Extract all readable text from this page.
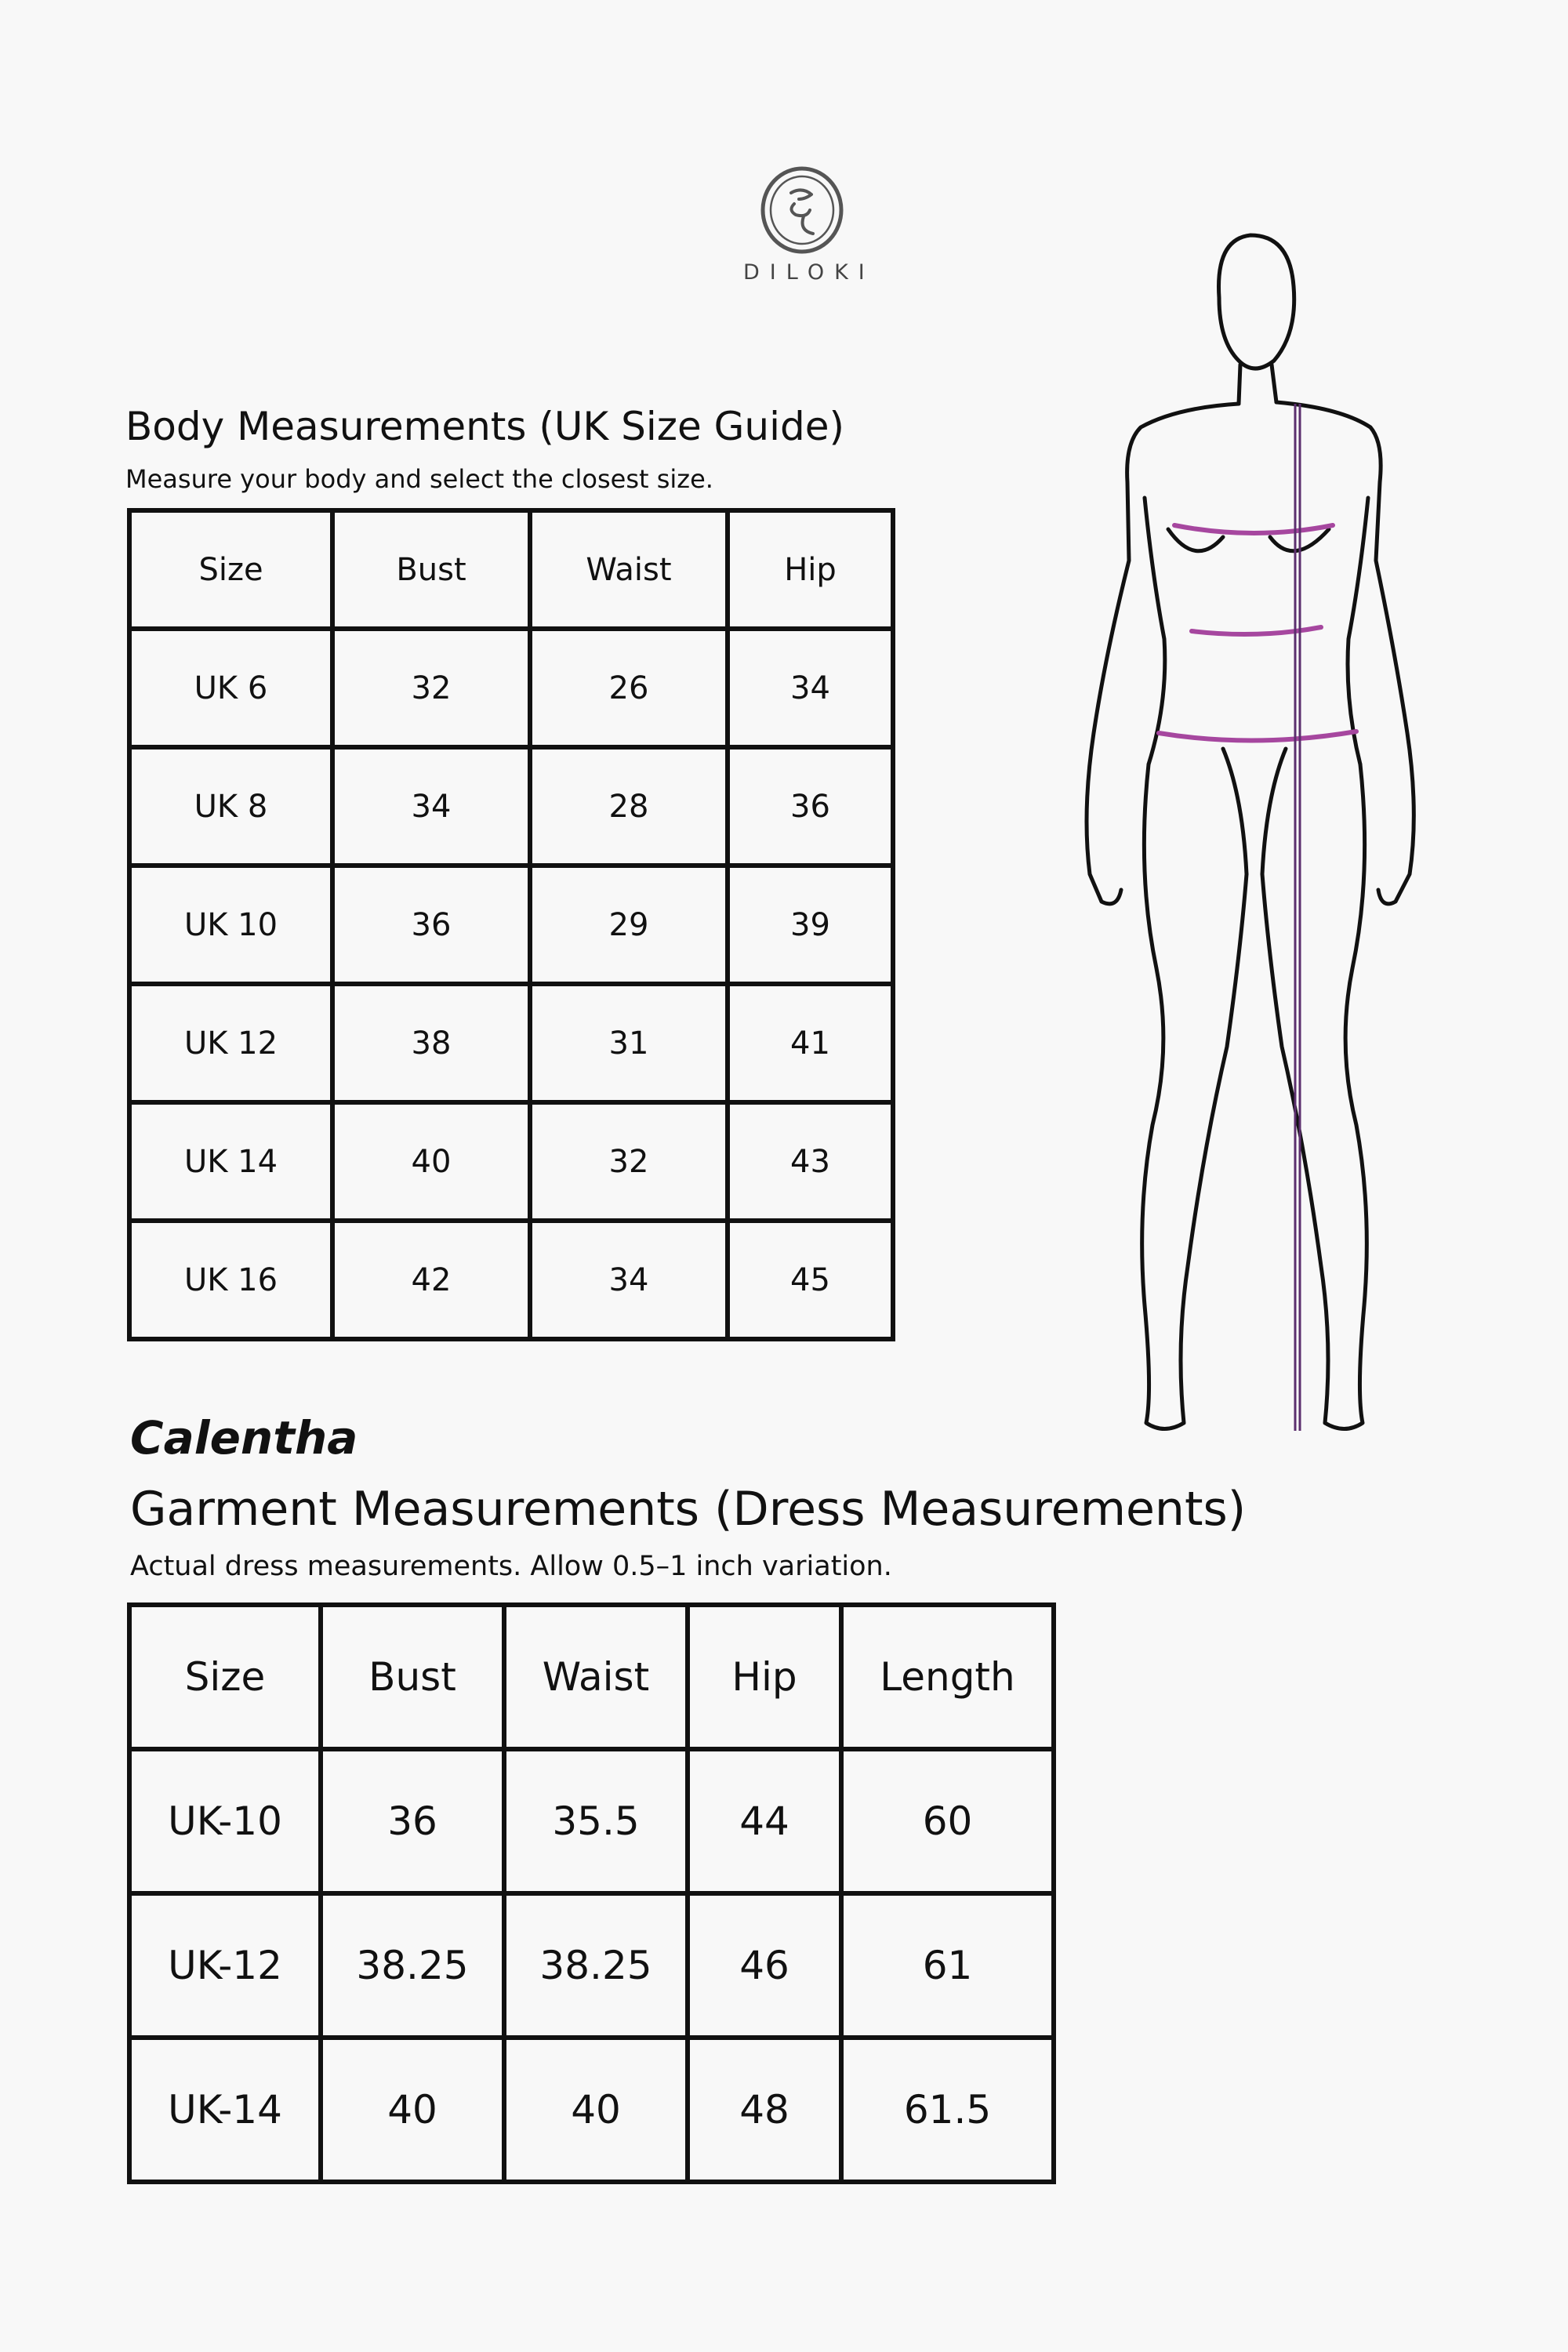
DILOKI
Body Measurements (UK Size Guide)
Measure your body and select the closest size.
Size	Bust	Waist	Hip
UK 6	32	26	34
UK 8	34	28	36
UK 10	36	29	39
UK 12	38	31	41
UK 14	40	32	43
UK 16	42	34	45
Calentha
Garment Measurements (Dress Measurements)
Actual dress measurements. Allow 0.5–1 inch variation.
Size	Bust	Waist	Hip	Length
UK-10	36	35.5	44	60
UK-12	38.25	38.25	46	61
UK-14	40	40	48	61.5
